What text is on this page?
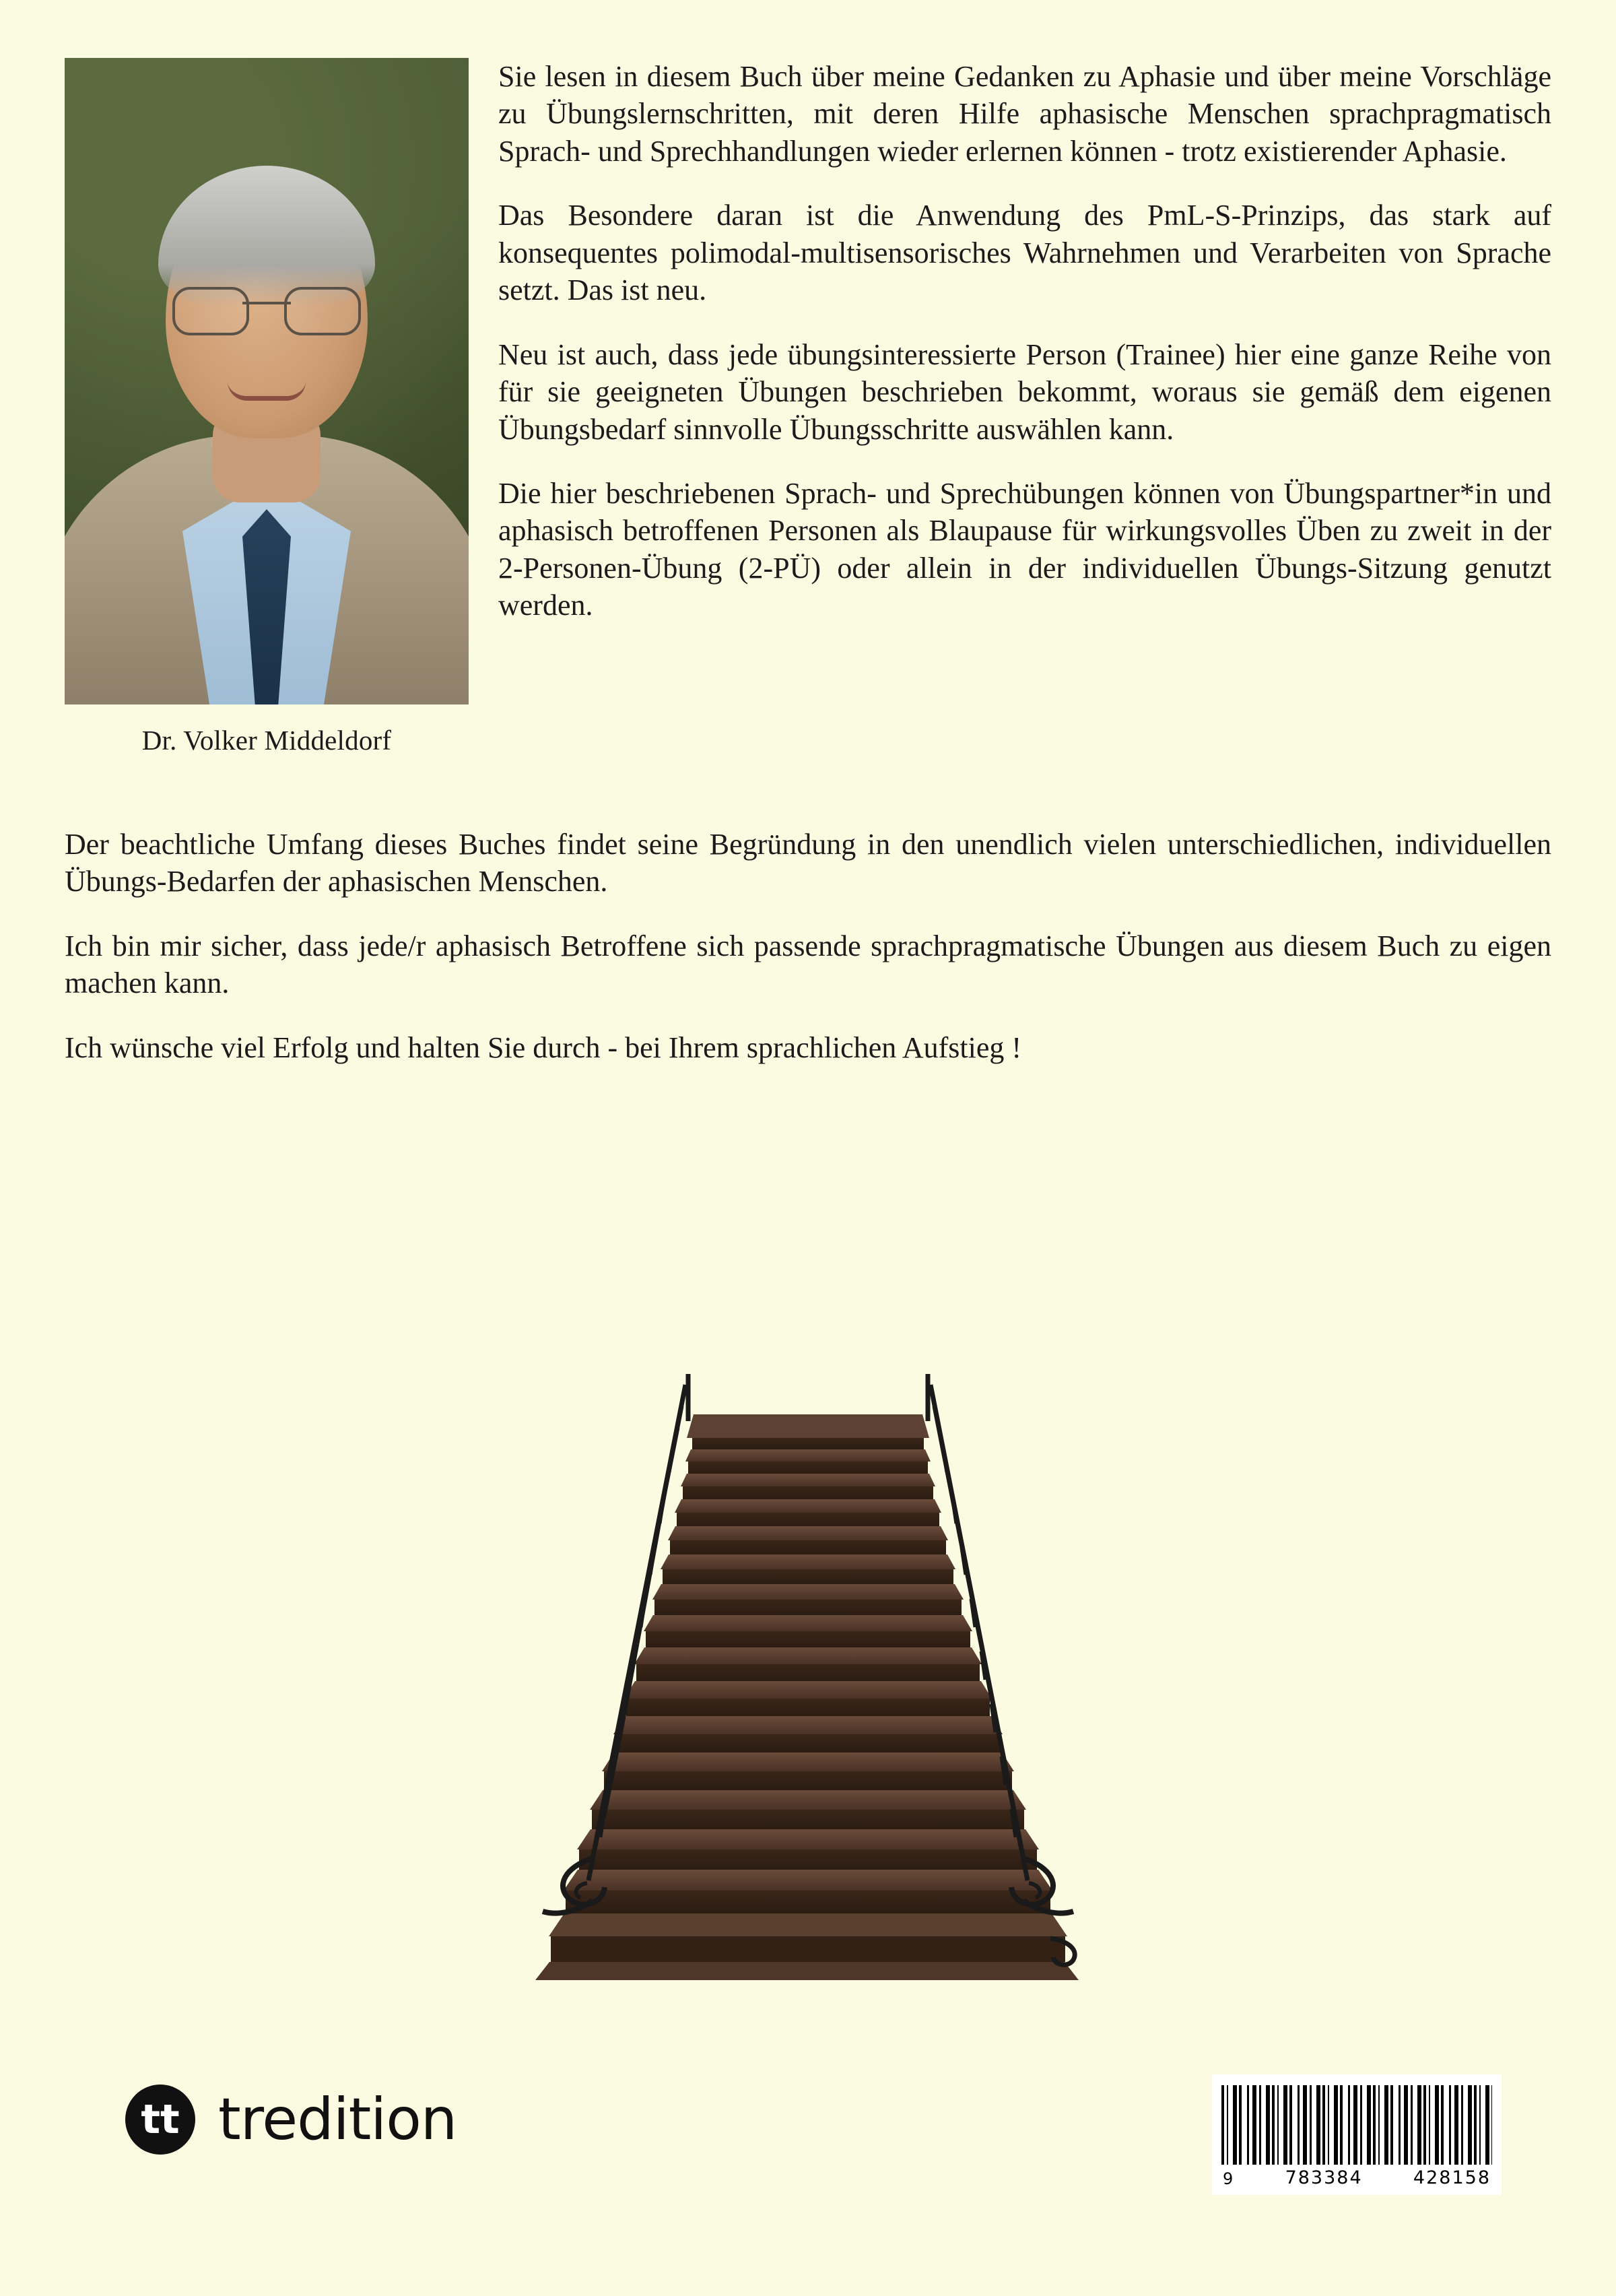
Dr. Volker Middeldorf

Sie lesen in diesem Buch über meine Gedanken zu Aphasie und über meine Vorschläge zu Übungslernschritten, mit deren Hilfe aphasische Menschen sprachpragmatisch Sprach- und Sprechhandlungen wieder erlernen können - trotz existierender Aphasie.

Das Besondere daran ist die Anwendung des PmL-S-Prinzips, das stark auf konsequentes polimodal-multisensorisches Wahrnehmen und Verarbeiten von Sprache setzt. Das ist neu.

Neu ist auch, dass jede übungsinteressierte Person (Trainee) hier eine ganze Reihe von für sie geeigneten Übungen beschrieben bekommt, woraus sie gemäß dem eigenen Übungsbedarf sinnvolle Übungsschritte auswählen kann.

Die hier beschriebenen Sprach- und Sprechübungen können von Übungspartner*in und aphasisch betroffenen Personen als Blaupause für wirkungsvolles Üben zu zweit in der 2-Personen-Übung (2-PÜ) oder allein in der individuellen Übungs-Sitzung genutzt werden.

Der beachtliche Umfang dieses Buches findet seine Begründung in den unendlich vielen unterschiedlichen, individuellen Übungs-Bedarfen der aphasischen Menschen.

Ich bin mir sicher, dass jede/r aphasisch Betroffene sich passende sprachpragmatische Übungen aus diesem Buch zu eigen machen kann.

Ich wünsche viel Erfolg und halten Sie durch - bei Ihrem sprachlichen Aufstieg !

tt tredition
9	783384	428158
